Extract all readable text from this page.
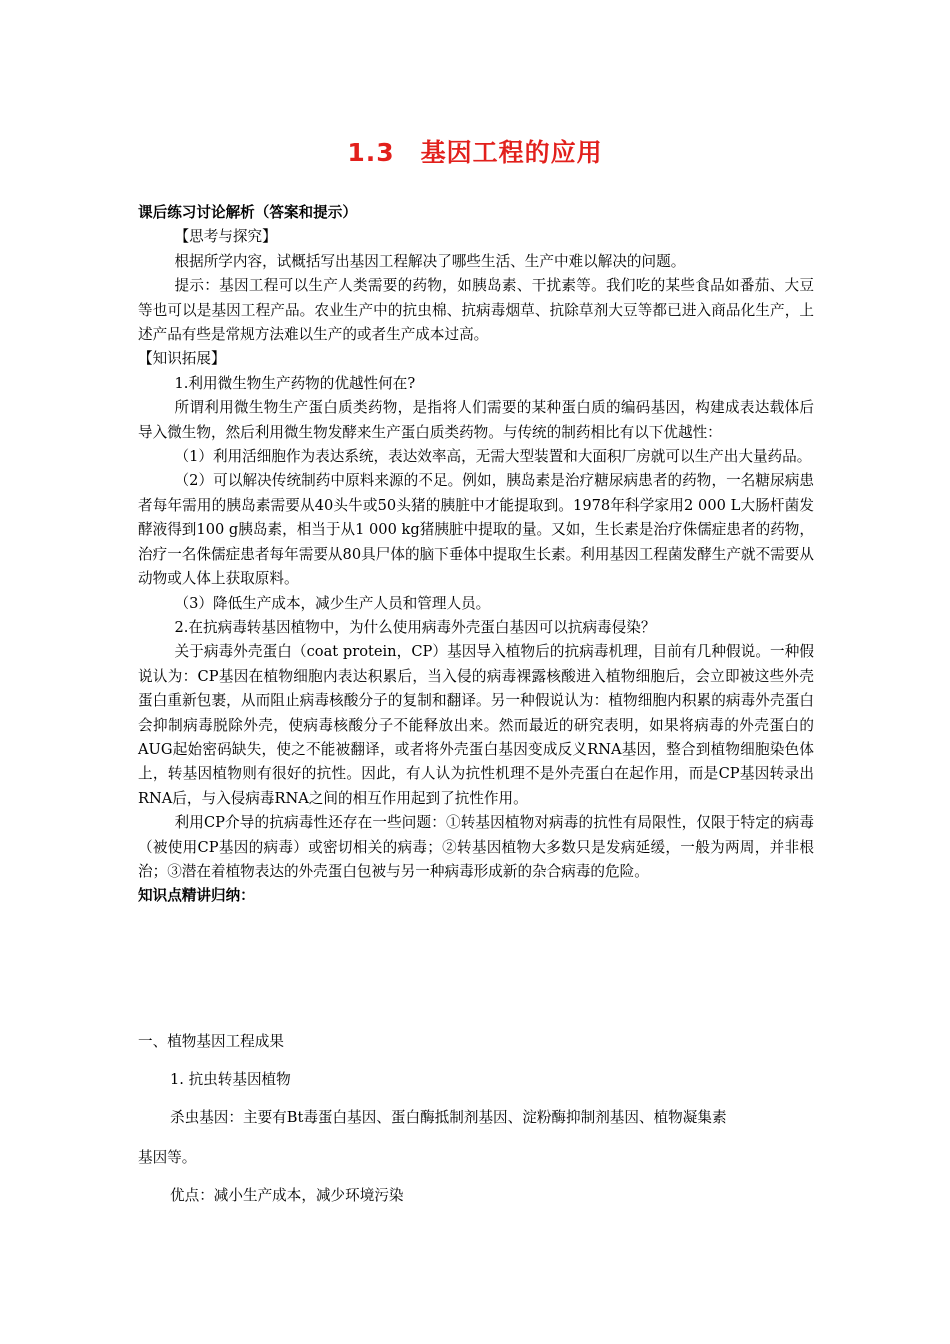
1.3　基因工程的应用

课后练习讨论解析（答案和提示）

【思考与探究】

根据所学内容，试概括写出基因工程解决了哪些生活、生产中难以解决的问题。

提示：基因工程可以生产人类需要的药物，如胰岛素、干扰素等。我们吃的某些食品如番茄、大豆等也可以是基因工程产品。农业生产中的抗虫棉、抗病毒烟草、抗除草剂大豆等都已进入商品化生产，上述产品有些是常规方法难以生产的或者生产成本过高。

【知识拓展】

1.利用微生物生产药物的优越性何在?

所谓利用微生物生产蛋白质类药物，是指将人们需要的某种蛋白质的编码基因，构建成表达载体后导入微生物，然后利用微生物发酵来生产蛋白质类药物。与传统的制药相比有以下优越性：

（1）利用活细胞作为表达系统，表达效率高，无需大型装置和大面积厂房就可以生产出大量药品。

（2）可以解决传统制药中原料来源的不足。例如，胰岛素是治疗糖尿病患者的药物，一名糖尿病患者每年需用的胰岛素需要从40头牛或50头猪的胰脏中才能提取到。1978年科学家用2 000 L大肠杆菌发酵液得到100 g胰岛素，相当于从1 000 kg猪胰脏中提取的量。又如，生长素是治疗侏儒症患者的药物，治疗一名侏儒症患者每年需要从80具尸体的脑下垂体中提取生长素。利用基因工程菌发酵生产就不需要从动物或人体上获取原料。

（3）降低生产成本，减少生产人员和管理人员。

2.在抗病毒转基因植物中，为什么使用病毒外壳蛋白基因可以抗病毒侵染？

关于病毒外壳蛋白（coat protein，CP）基因导入植物后的抗病毒机理，目前有几种假说。一种假说认为：CP基因在植物细胞内表达积累后，当入侵的病毒裸露核酸进入植物细胞后，会立即被这些外壳蛋白重新包裹，从而阻止病毒核酸分子的复制和翻译。另一种假说认为：植物细胞内积累的病毒外壳蛋白会抑制病毒脱除外壳，使病毒核酸分子不能释放出来。然而最近的研究表明，如果将病毒的外壳蛋白的AUG起始密码缺失，使之不能被翻译，或者将外壳蛋白基因变成反义RNA基因，整合到植物细胞染色体上，转基因植物则有很好的抗性。因此，有人认为抗性机理不是外壳蛋白在起作用，而是CP基因转录出RNA后，与入侵病毒RNA之间的相互作用起到了抗性作用。

利用CP介导的抗病毒性还存在一些问题：①转基因植物对病毒的抗性有局限性，仅限于特定的病毒（被使用CP基因的病毒）或密切相关的病毒；②转基因植物大多数只是发病延缓，一般为两周，并非根治；③潜在着植物表达的外壳蛋白包被与另一种病毒形成新的杂合病毒的危险。

知识点精讲归纳：

一、植物基因工程成果
1. 抗虫转基因植物
杀虫基因：主要有Bt毒蛋白基因、蛋白酶抵制剂基因、淀粉酶抑制剂基因、植物凝集素
基因等。
优点：减小生产成本，减少环境污染
